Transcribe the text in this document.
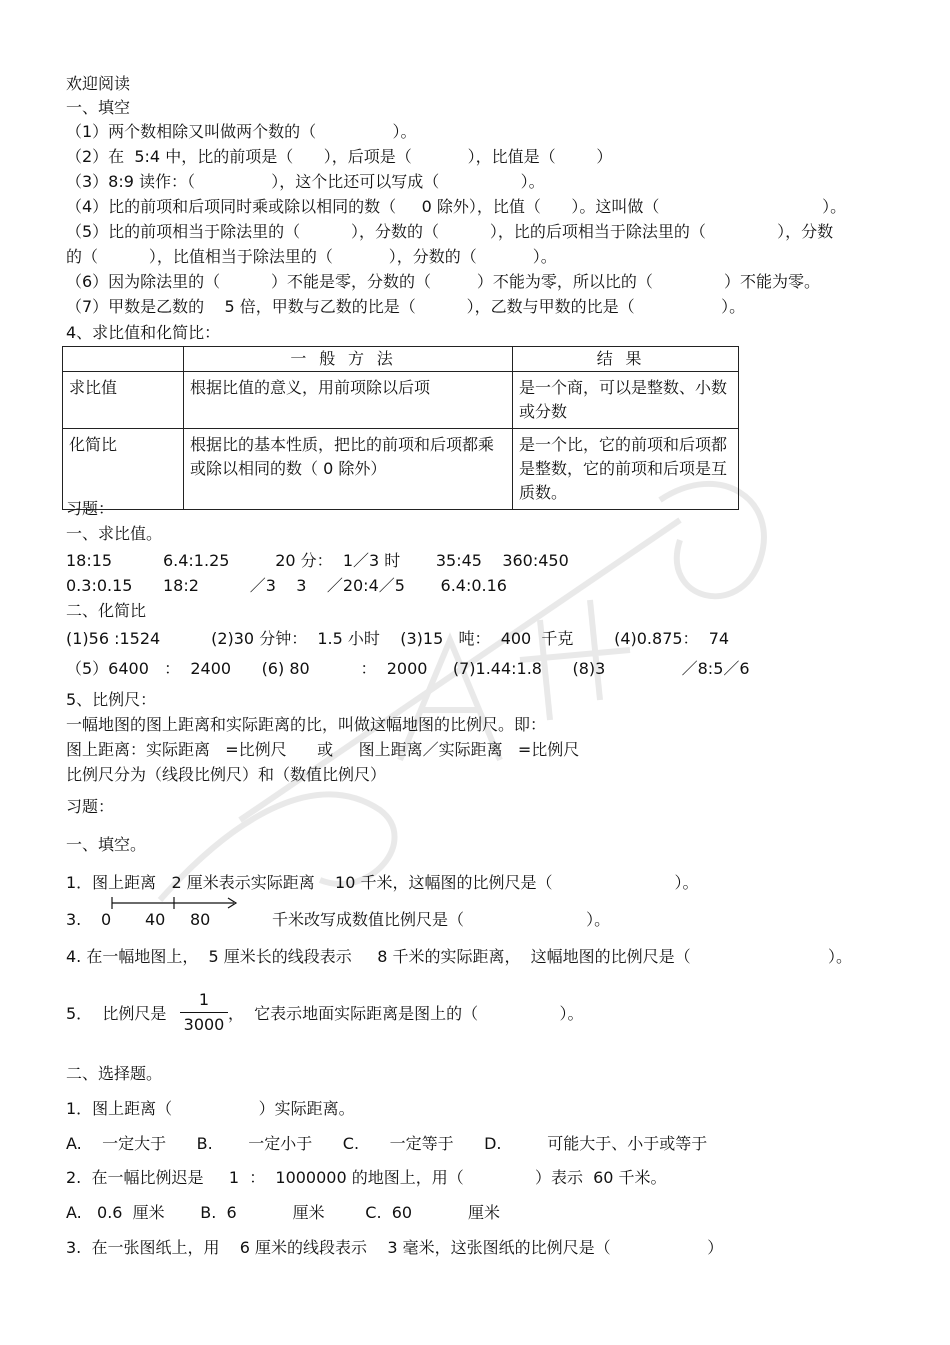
欢迎阅读
一、填空
（1）两个数相除又叫做两个数的（               ）。
（2）在  5:4 中，比的前项是（      ），后项是（           ），比值是（        ）
（3）8:9 读作：（               ），这个比还可以写成（                ）。
（4）比的前项和后项同时乘或除以相同的数（     0 除外），比值（      ）。这叫做（                                ）。
（5）比的前项相当于除法里的（          ），分数的（          ），比的后项相当于除法里的（              ），分数
的（          ），比值相当于除法里的（           ），分数的（           ）。
（6）因为除法里的（          ）不能是零，分数的（         ）不能为零，所以比的（              ）不能为零。
（7）甲数是乙数的    5 倍，甲数与乙数的比是（          ），乙数与甲数的比是（                 ）。
4、求比值和化简比：
	一般方法	结果
求比值	根据比值的意义，用前项除以后项	是一个商，可以是整数、小数或分数
化简比	根据比的基本性质，把比的前项和后项都乘或除以相同的数（ 0 除外）	是一个比，它的前项和后项都是整数，它的前项和后项是互质数。
习题：
一、求比值。
18:15          6.4:1.25         20 分：  1／3 时       35:45    360:450
0.3:0.15      18:2          ／3    3    ／20:4／5       6.4:0.16
二、化简比
(1)56 :1524          (2)30 分钟：  1.5 小时    (3)15   吨：  400  千克        (4)0.875：  74
（5）6400   ：  2400      (6) 80          ：  2000     (7)1.44:1.8      (8)3               ／8:5／6
5、比例尺：
一幅地图的图上距离和实际距离的比，叫做这幅地图的比例尺。即：
图上距离：实际距离   =比例尺      或     图上距离／实际距离   =比例尺
比例尺分为（线段比例尺）和（数值比例尺）
习题：
一、填空。
1．图上距离   2 厘米表示实际距离    10 千米，这幅图的比例尺是（                        ）。
3. 0 40 80	千米改写成数值比例尺是（                        ）。
4. 在一幅地图上，  5 厘米长的线段表示     8 千米的实际距离，  这幅地图的比例尺是（                           ）。
5．  比例尺是
1
3000
，  它表示地面实际距离是图上的（                ）。
二、选择题。
1．图上距离（                 ）实际距离。
A.    一定大于      B.       一定小于      C.      一定等于      D.         可能大于、小于或等于
2.  在一幅比例迟是     1  ：  1000000 的地图上，用（              ）表示  60 千米。
A.   0.6  厘米       B.  6           厘米        C.  60           厘米
3.  在一张图纸上，用    6 厘米的线段表示    3 毫米，这张图纸的比例尺是（                   ）
